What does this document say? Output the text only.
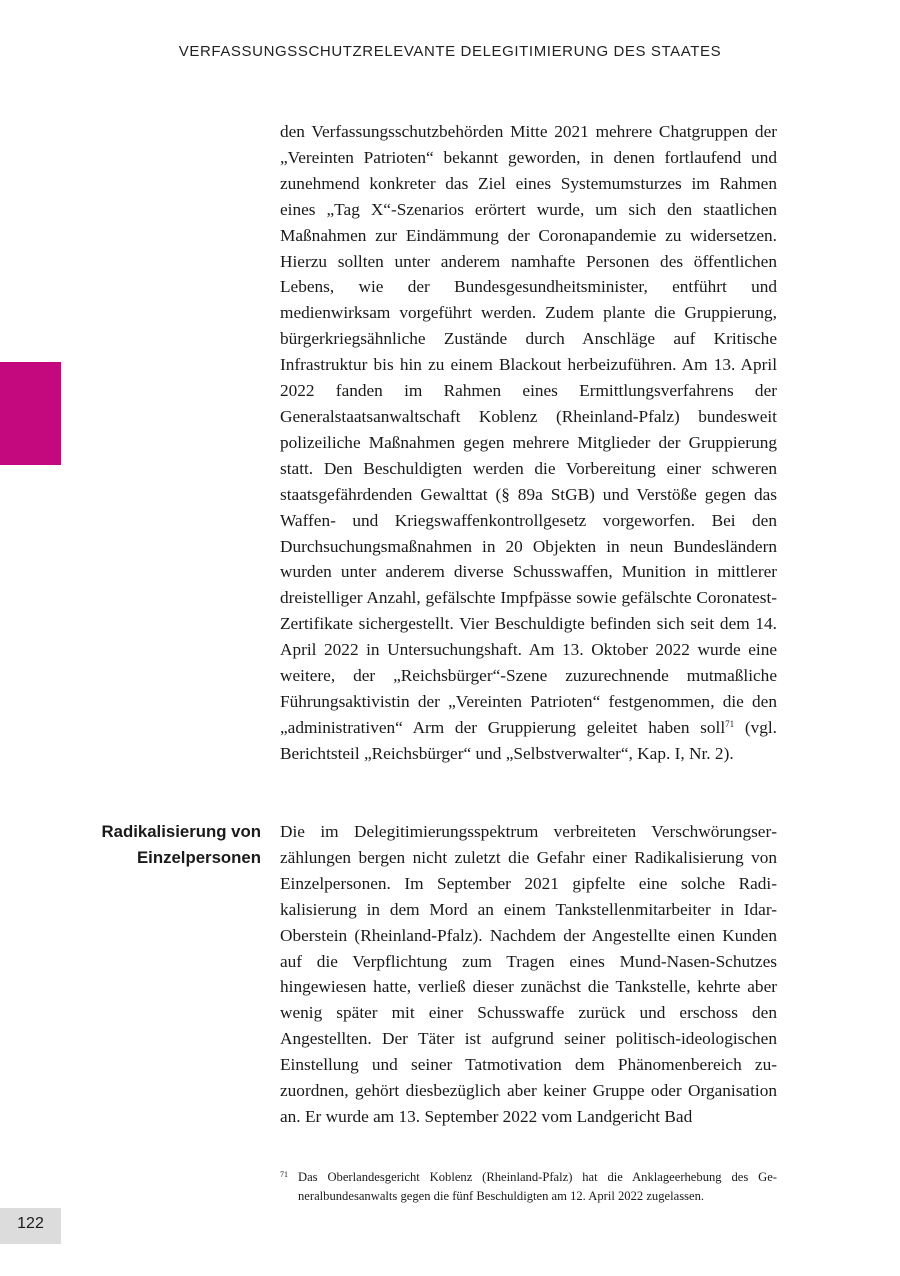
VERFASSUNGSSCHUTZRELEVANTE DELEGITIMIERUNG DES STAATES
den Verfassungsschutzbehörden Mitte 2021 mehrere Chatgruppen der „Vereinten Patrioten“ bekannt geworden, in denen fortlaufend und zunehmend konkreter das Ziel eines Systemumsturzes im Rahmen eines „Tag X“-Szenarios erörtert wurde, um sich den staatlichen Maßnahmen zur Eindämmung der Coronapandemie zu widersetzen. Hierzu sollten unter anderem namhafte Personen des öffentlichen Lebens, wie der Bundesgesundheitsminister, entführt und medienwirksam vorgeführt werden. Zudem plante die Gruppierung, bürgerkriegsähnliche Zustände durch Anschläge auf Kritische Infrastruktur bis hin zu einem Blackout herbeizuführen. Am 13. April 2022 fanden im Rahmen eines Ermittlungsverfahrens der Generalstaatsanwaltschaft Koblenz (Rheinland-Pfalz) bundesweit polizeiliche Maßnahmen gegen mehrere Mitglieder der Gruppierung statt. Den Beschuldigten werden die Vorbereitung einer schweren staatsgefährdenden Gewalttat (§ 89a StGB) und Verstöße gegen das Waffen- und Kriegswaffenkontrollgesetz vorgeworfen. Bei den Durchsuchungsmaßnahmen in 20 Objekten in neun Bundesländern wurden unter anderem diverse Schusswaffen, Munition in mittlerer dreistelliger Anzahl, gefälschte Impfpässe sowie gefälschte Coronatest-Zertifikate sichergestellt. Vier Beschuldigte befinden sich seit dem 14. April 2022 in Untersuchungshaft. Am 13. Oktober 2022 wurde eine weitere, der „Reichsbürger“-Szene zuzurechnende mutmaßliche Führungsaktivistin der „Vereinten Patrioten“ festgenommen, die den „administrativen“ Arm der Gruppierung geleitet haben soll$^{71}$ (vgl. Berichtsteil „Reichsbürger“ und „Selbstverwalter“, Kap. I, Nr. 2).
Radikalisierung von
Einzelpersonen
Die im Delegitimierungsspektrum verbreiteten Verschwörungserzählungen bergen nicht zuletzt die Gefahr einer Radikalisierung von Einzelpersonen. Im September 2021 gipfelte eine solche Radikalisierung in dem Mord an einem Tankstellenmitarbeiter in Idar-Oberstein (Rheinland-Pfalz). Nachdem der Angestellte einen Kunden auf die Verpflichtung zum Tragen eines Mund-Nasen-Schutzes hingewiesen hatte, verließ dieser zunächst die Tankstelle, kehrte aber wenig später mit einer Schusswaffe zurück und erschoss den Angestellten. Der Täter ist aufgrund seiner politisch-ideologischen Einstellung und seiner Tatmotivation dem Phänomenbereich zuzuordnen, gehört diesbezüglich aber keiner Gruppe oder Organisation an. Er wurde am 13. September 2022 vom Landgericht Bad
71 Das Oberlandesgericht Koblenz (Rheinland-Pfalz) hat die Anklageerhebung des Generalbundesanwalts gegen die fünf Beschuldigten am 12. April 2022 zugelassen.
122
